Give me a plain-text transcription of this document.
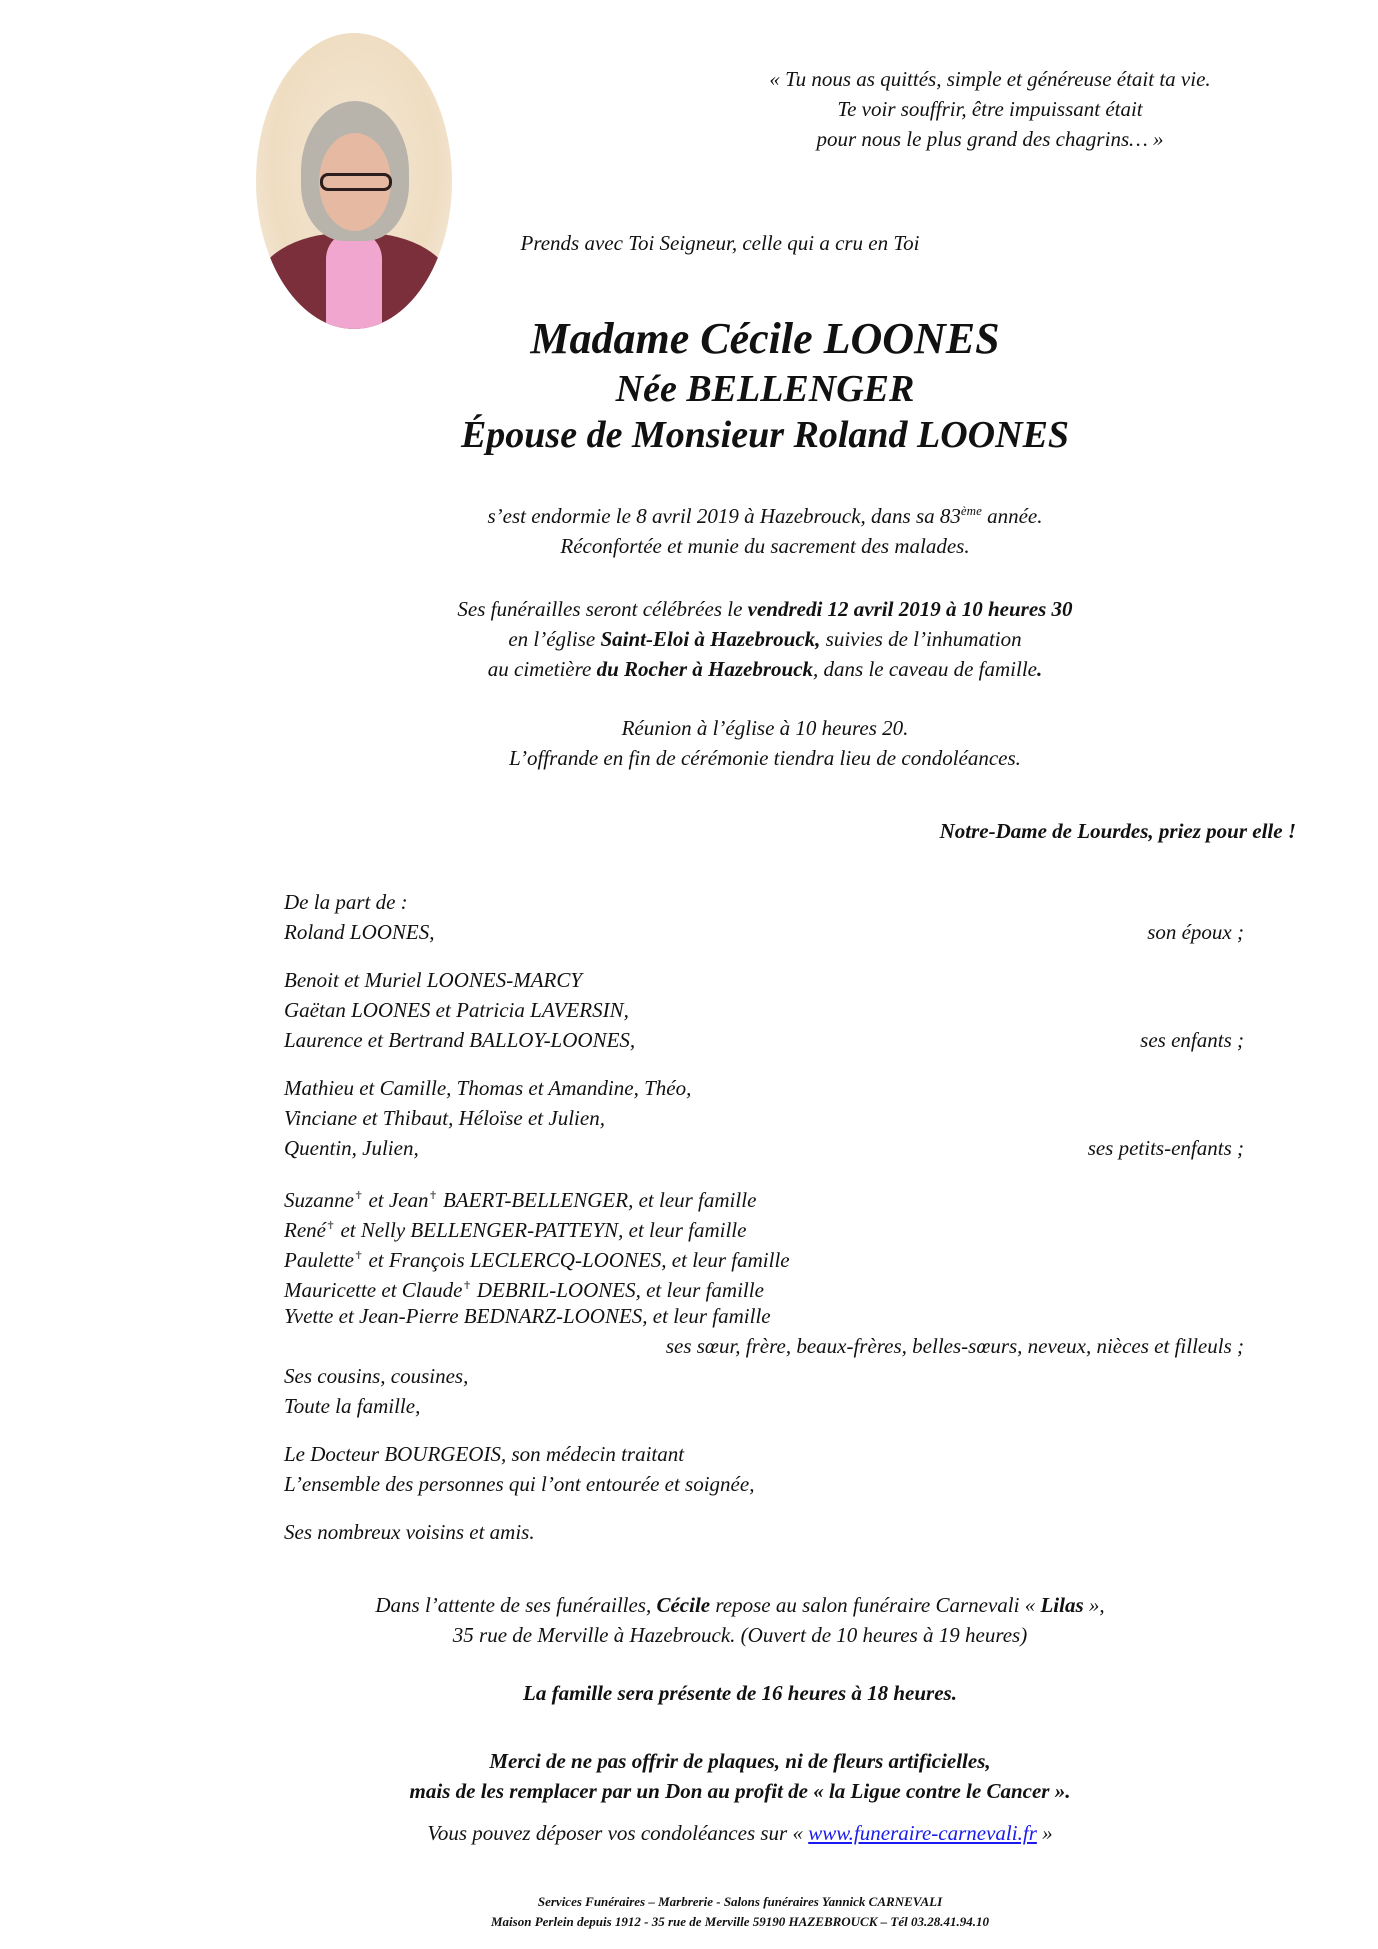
« Tu nous as quittés, simple et généreuse était ta vie.
Te voir souffrir, être impuissant était
pour nous le plus grand des chagrins… »
Prends avec Toi Seigneur, celle qui a cru en Toi
Madame Cécile LOONES
Née BELLENGER
Épouse de Monsieur Roland LOONES
s’est endormie le 8 avril 2019 à Hazebrouck, dans sa 83ème année.
Réconfortée et munie du sacrement des malades.
Ses funérailles seront célébrées le vendredi 12 avril 2019 à 10 heures 30
en l’église Saint-Eloi à Hazebrouck, suivies de l’inhumation
au cimetière du Rocher à Hazebrouck, dans le caveau de famille.
Réunion à l’église à 10 heures 20.
L’offrande en fin de cérémonie tiendra lieu de condoléances.
Notre-Dame de Lourdes, priez pour elle !
De la part de :
Roland LOONES,	son époux ;
Benoit et Muriel LOONES-MARCY
Gaëtan LOONES et Patricia LAVERSIN,
Laurence et Bertrand BALLOY-LOONES,	ses enfants ;
Mathieu et Camille, Thomas et Amandine, Théo,
Vinciane et Thibaut, Héloïse et Julien,
Quentin, Julien,	ses petits-enfants ;
Suzanne✝ et Jean✝ BAERT-BELLENGER, et leur famille
René✝ et Nelly BELLENGER-PATTEYN, et leur famille
Paulette✝ et François LECLERCQ-LOONES, et leur famille
Mauricette et Claude✝ DEBRIL-LOONES, et leur famille
Yvette et Jean-Pierre BEDNARZ-LOONES, et leur famille
ses sœur, frère, beaux-frères, belles-sœurs, neveux, nièces et filleuls ;
Ses cousins, cousines,
Toute la famille,
Le Docteur BOURGEOIS, son médecin traitant
L’ensemble des personnes qui l’ont entourée et soignée,
Ses nombreux voisins et amis.
Dans l’attente de ses funérailles, Cécile repose au salon funéraire Carnevali « Lilas »,
35 rue de Merville à Hazebrouck. (Ouvert de 10 heures à 19 heures)
La famille sera présente de 16 heures à 18 heures.
Merci de ne pas offrir de plaques, ni de fleurs artificielles,
mais de les remplacer par un Don au profit de « la Ligue contre le Cancer ».
Vous pouvez déposer vos condoléances sur « www.funeraire-carnevali.fr »
Services Funéraires – Marbrerie - Salons funéraires Yannick CARNEVALI
Maison Perlein depuis 1912 - 35 rue de Merville 59190 HAZEBROUCK – Tél 03.28.41.94.10
